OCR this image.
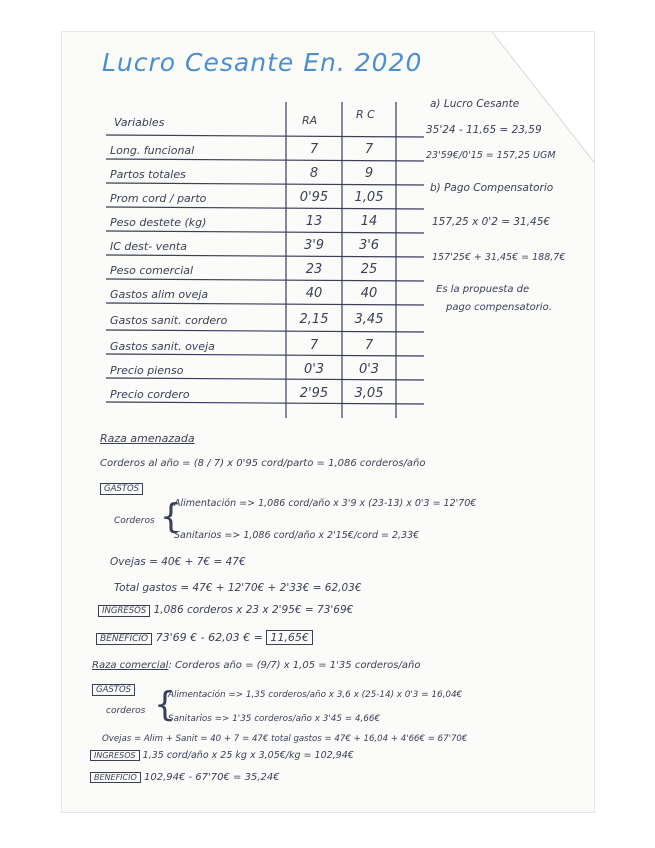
Lucro Cesante En. 2020
Variables	RA	R C
Long. funcional	7	7
Partos totales	8	9
Prom cord / parto	0'95	1,05
Peso destete (kg)	13	14
IC dest- venta	3'9	3'6
Peso comercial	23	25
Gastos alim oveja	40	40
Gastos sanit. cordero	2,15	3,45
Gastos sanit. oveja	7	7
Precio pienso	0'3	0'3
Precio cordero	2'95	3,05
a) Lucro Cesante
35'24 - 11,65 = 23,59
23'59€/0'15 = 157,25 UGM
b) Pago Compensatorio
157,25 x 0'2 = 31,45€
157'25€ + 31,45€ = 188,7€
Es la propuesta de
pago compensatorio.
Raza amenazada
Corderos al año = (8 / 7) x 0'95 cord/parto = 1,086 corderos/año
GASTOS
Corderos {
Alimentación => 1,086 cord/año x 3'9 x (23-13) x 0'3 = 12'70€
Sanitarios => 1,086 cord/año x 2'15€/cord = 2,33€
Ovejas = 40€ + 7€ = 47€
Total gastos = 47€ + 12'70€ + 2'33€ = 62,03€
INGRESOS 1,086 corderos x 23 x 2'95€ = 73'69€
BENEFICIO 73'69 € - 62,03 € = 11,65€
Raza comercial: Corderos año = (9/7) x 1,05 = 1'35 corderos/año
GASTOS
corderos {
Alimentación => 1,35 corderos/año x 3,6 x (25-14) x 0'3 = 16,04€
Sanitarios => 1'35 corderos/año x 3'45 = 4,66€
Ovejas = Alim + Sanit = 40 + 7 = 47€ total gastos = 47€ + 16,04 + 4'66€ = 67'70€
INGRESOS 1,35 cord/año x 25 kg x 3,05€/kg = 102,94€
BENEFICIO 102,94€ - 67'70€ = 35,24€
